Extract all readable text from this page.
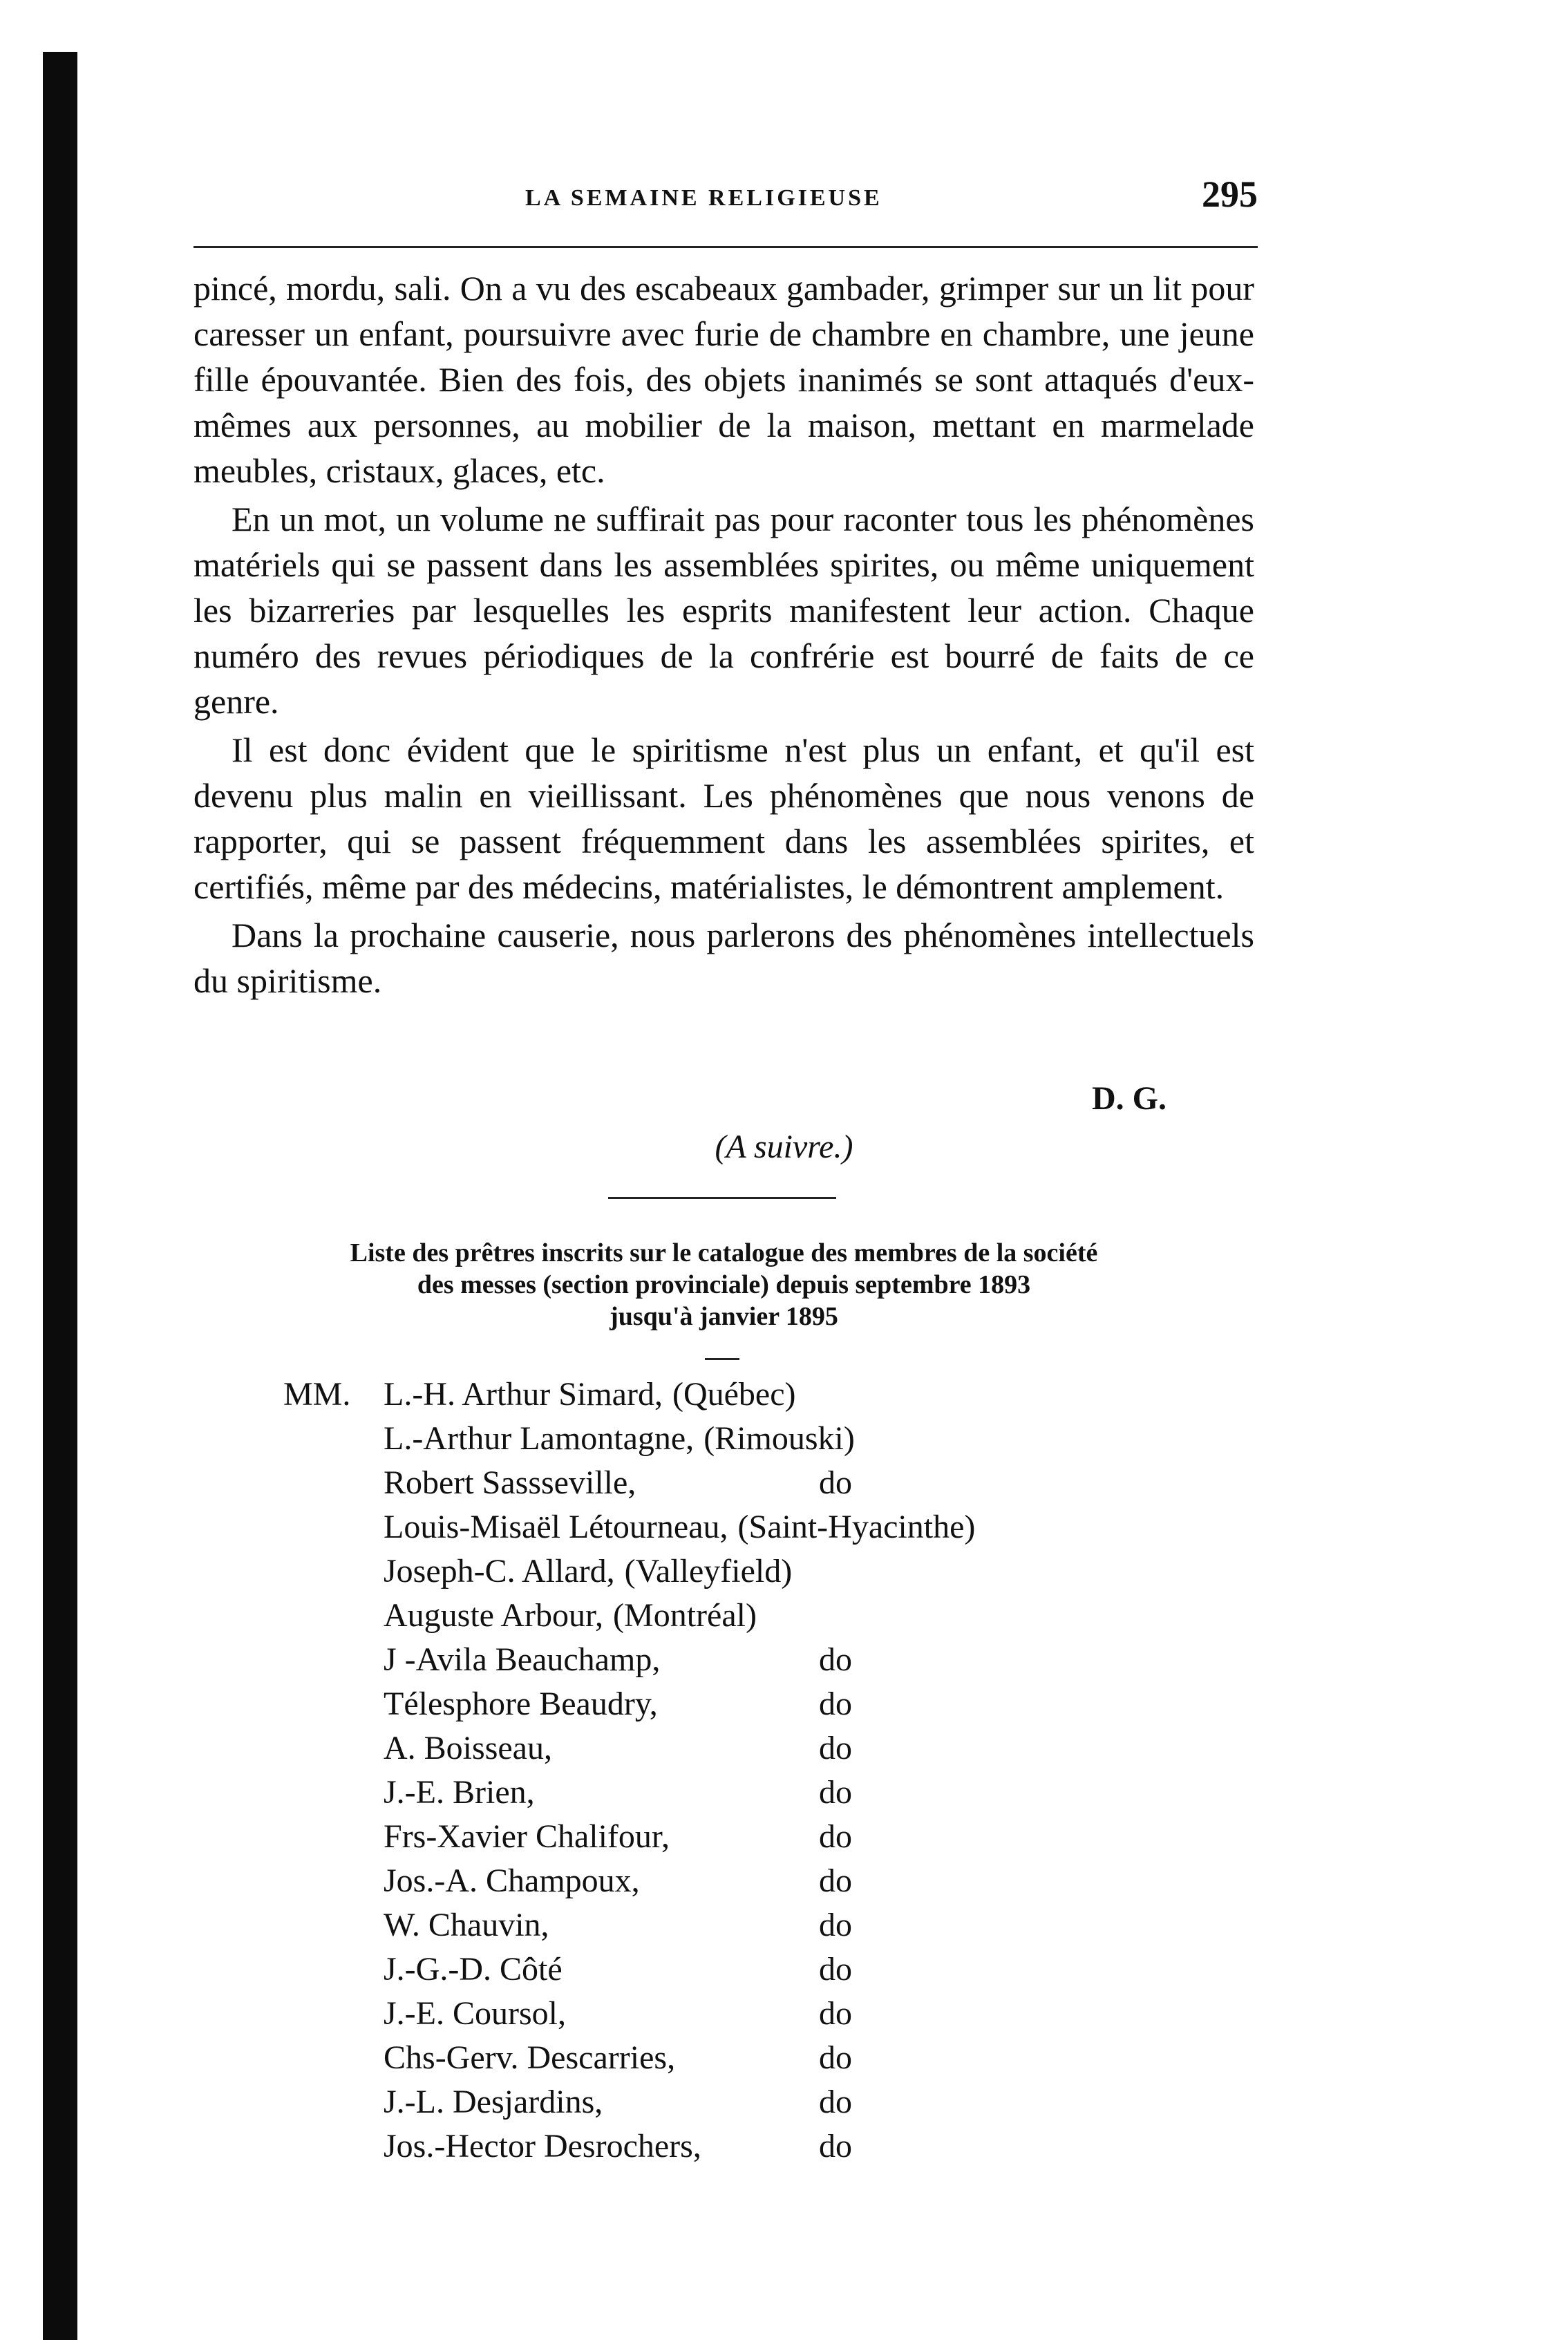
LA SEMAINE RELIGIEUSE	295

pincé, mordu, sali. On a vu des escabeaux gambader, grimper sur un lit pour caresser un enfant, poursuivre avec furie de chambre en chambre, une jeune fille épouvantée. Bien des fois, des objets inanimés se sont attaqués d'eux-mêmes aux personnes, au mobilier de la maison, mettant en marmelade meubles, cristaux, glaces, etc.

En un mot, un volume ne suffirait pas pour raconter tous les phénomènes matériels qui se passent dans les assemblées spirites, ou même uniquement les bizarreries par lesquelles les esprits manifestent leur action. Chaque numéro des revues périodiques de la confrérie est bourré de faits de ce genre.

Il est donc évident que le spiritisme n'est plus un enfant, et qu'il est devenu plus malin en vieillissant. Les phénomènes que nous venons de rapporter, qui se passent fréquemment dans les assemblées spirites, et certifiés, même par des médecins, matérialistes, le démontrent amplement.

Dans la prochaine causerie, nous parlerons des phénomènes intellectuels du spiritisme.

D. G.
(A suivre.)
Liste des prêtres inscrits sur le catalogue des membres de la société
des messes (section provinciale) depuis septembre 1893
jusqu'à janvier 1895
MM. L.-H. Arthur Simard, (Québec)
L.-Arthur Lamontagne, (Rimouski)
Robert Sassseville,	do
Louis-Misaël Létourneau, (Saint-Hyacinthe)
Joseph-C. Allard, (Valleyfield)
Auguste Arbour, (Montréal)
J -Avila Beauchamp,	do
Télesphore Beaudry,	do
A. Boisseau,	do
J.-E. Brien,	do
Frs-Xavier Chalifour,	do
Jos.-A. Champoux,	do
W. Chauvin,	do
J.-G.-D. Côté	do
J.-E. Coursol,	do
Chs-Gerv. Descarries,	do
J.-L. Desjardins,	do
Jos.-Hector Desrochers,	do
